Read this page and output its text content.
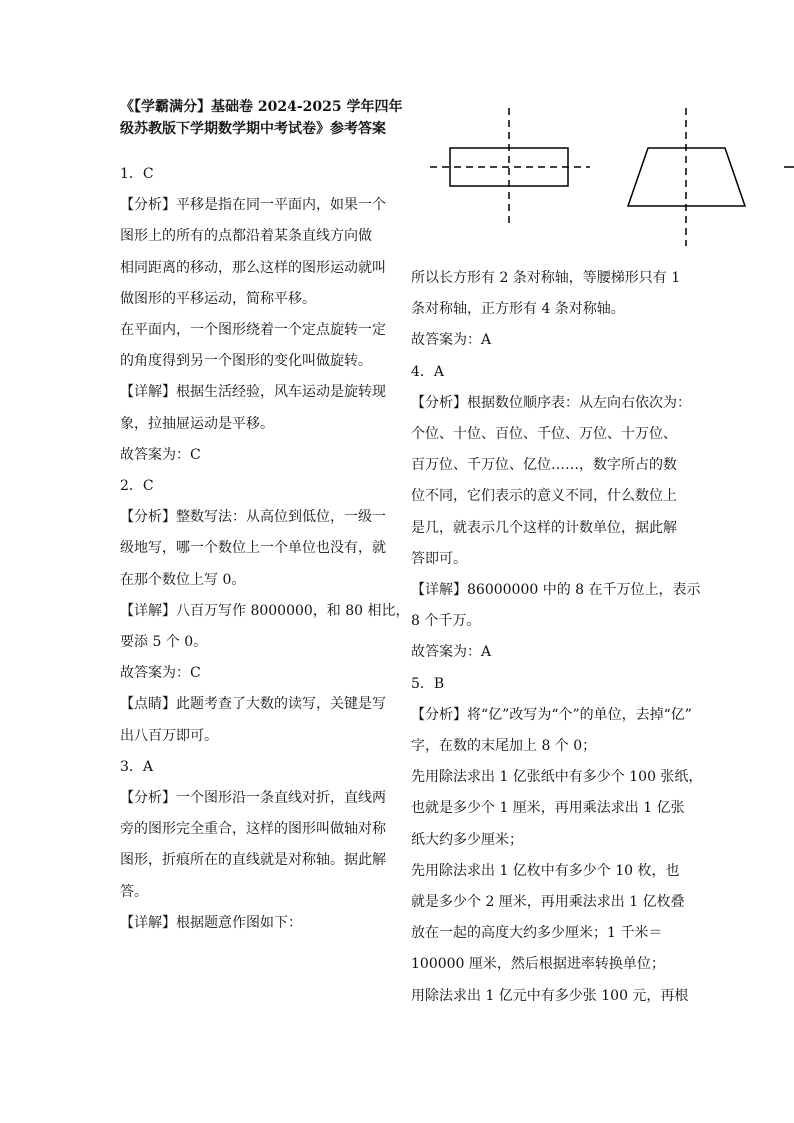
《【学霸满分】基础卷 2024-2025 学年四年
级苏教版下学期数学期中考试卷》参考答案
1．C
【分析】平移是指在同一平面内，如果一个
图形上的所有的点都沿着某条直线方向做
相同距离的移动，那么这样的图形运动就叫
做图形的平移运动，简称平移。
在平面内，一个图形绕着一个定点旋转一定
的角度得到另一个图形的变化叫做旋转。
【详解】根据生活经验，风车运动是旋转现
象，拉抽屉运动是平移。
故答案为：C
2．C
【分析】整数写法：从高位到低位，一级一
级地写，哪一个数位上一个单位也没有，就
在那个数位上写 0。
【详解】八百万写作 8000000，和 80 相比，
要添 5 个 0。
故答案为：C
【点睛】此题考查了大数的读写，关键是写
出八百万即可。
3．A
【分析】一个图形沿一条直线对折，直线两
旁的图形完全重合，这样的图形叫做轴对称
图形，折痕所在的直线就是对称轴。据此解
答。
【详解】根据题意作图如下：
所以长方形有 2 条对称轴，等腰梯形只有 1
条对称轴，正方形有 4 条对称轴。
故答案为：A
4．A
【分析】根据数位顺序表：从左向右依次为：
个位、十位、百位、千位、万位、十万位、
百万位、千万位、亿位……，数字所占的数
位不同，它们表示的意义不同，什么数位上
是几，就表示几个这样的计数单位，据此解
答即可。
【详解】86000000 中的 8 在千万位上，表示
8 个千万。
故答案为：A
5．B
【分析】将“亿”改写为“个”的单位，去掉“亿”
字，在数的末尾加上 8 个 0；
先用除法求出 1 亿张纸中有多少个 100 张纸，
也就是多少个 1 厘米，再用乘法求出 1 亿张
纸大约多少厘米；
先用除法求出 1 亿枚中有多少个 10 枚，也
就是多少个 2 厘米，再用乘法求出 1 亿枚叠
放在一起的高度大约多少厘米；1 千米＝
100000 厘米，然后根据进率转换单位；
用除法求出 1 亿元中有多少张 100 元，再根
